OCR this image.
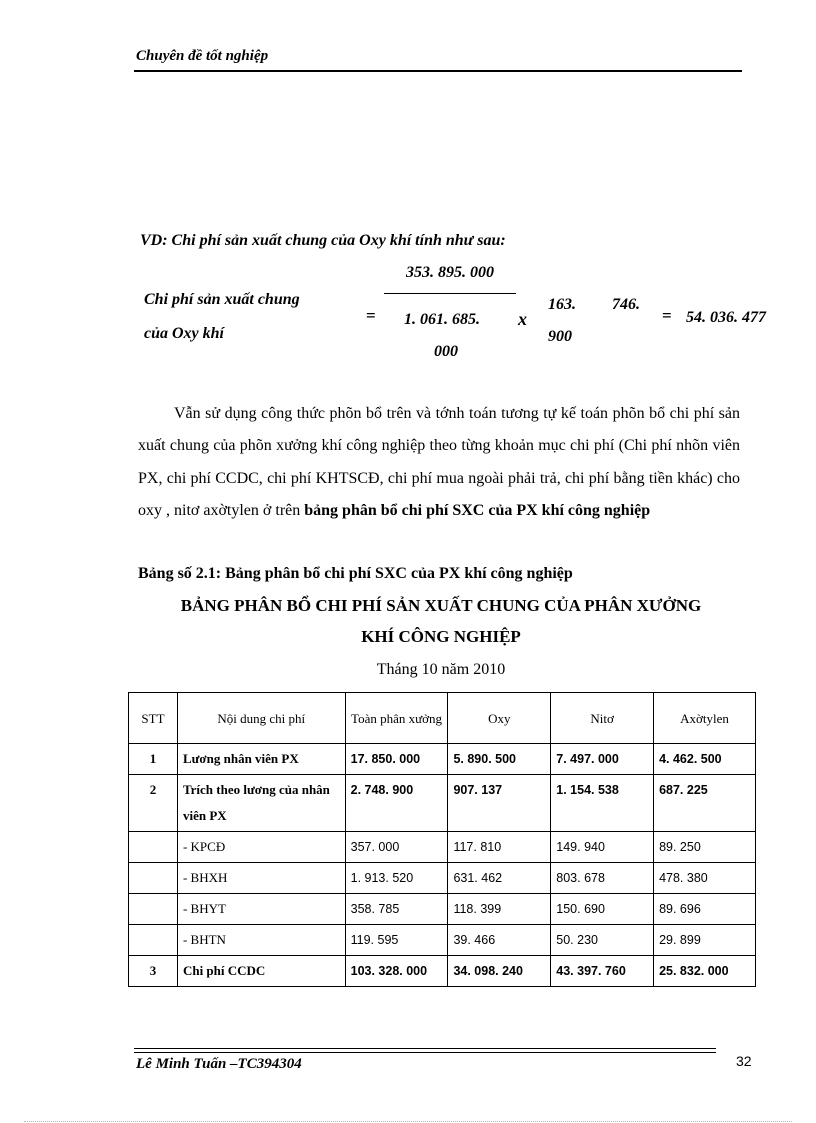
Chuyên đề tốt nghiệp
VD: Chi phí sản xuất chung của Oxy khí tính như sau:
353. 895. 000
Chi phí sản xuất chung
của Oxy khí
= 1. 061. 685.
000
x
163. 746.
900
= 54. 036. 477
Vẫn sử dụng công thức phõn bổ trên và tớnh toán tương tự kế toán phõn bổ chi phí sản xuất chung của phõn xưởng khí công nghiệp theo từng khoản mục chi phí (Chi phí nhõn viên PX, chi phí CCDC, chi phí KHTSCĐ, chi phí mua ngoài phải trả, chi phí bằng tiền khác) cho oxy , nitơ axờtylen ở trên bảng phân bổ chi phí SXC của PX khí công nghiệp
Bảng số 2.1: Bảng phân bổ chi phí SXC của PX khí công nghiệp
BẢNG PHÂN BỔ CHI PHÍ SẢN XUẤT CHUNG CỦA PHÂN XƯỞNG
KHÍ CÔNG NGHIỆP
Tháng 10 năm 2010
STT	Nội dung chi phí	Toàn phân xưởng	Oxy	Nitơ	Axờtylen
1	Lương nhân viên PX	17. 850. 000	5. 890. 500	7. 497. 000	4. 462. 500
2	Trích theo lương của nhân viên PX	2. 748. 900	907. 137	1. 154. 538	687. 225
	- KPCĐ	357. 000	117. 810	149. 940	89. 250
	- BHXH	1. 913. 520	631. 462	803. 678	478. 380
	- BHYT	358. 785	118. 399	150. 690	89. 696
	- BHTN	119. 595	39. 466	50. 230	29. 899
3	Chi phí CCDC	103. 328. 000	34. 098. 240	43. 397. 760	25. 832. 000
Lê Minh Tuấn –TC394304	32
